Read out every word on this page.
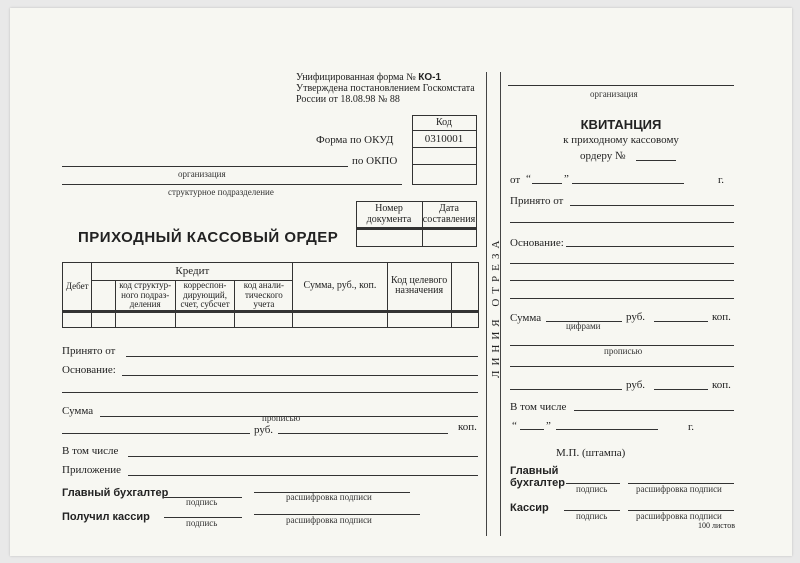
Унифицированная форма № КО-1
Утверждена постановлением Госкомстата
России от 18.08.98 № 88
Код
Форма по ОКУД	0310001
по ОКПО
организация
структурное подразделение
Номер документа
Дата составления
ПРИХОДНЫЙ КАССОВЫЙ ОРДЕР
Дебет	Кредит				Сумма, руб., коп.	Код целевого назначения	
		код структур-ного подраз-деления	корреспон-дирующий, счет, субсчет	код анали-тического учета			

Принято от
Основание:
Сумма
прописью
руб.	коп.
В том числе
Приложение
Главный бухгалтер
подпись	расшифровка подписи
Получил кассир	подпись	расшифровка подписи
ЛИНИЯ ОТРЕЗА
организация
КВИТАНЦИЯ
к приходному кассовому
ордеру №
от “	”	г.
Принято от
Основание:
Сумма
цифрами
руб.	коп.
прописью
руб.	коп.
В том числе
“	”	г.
М.П. (штампа)
Главный
бухгалтер подпись	расшифровка подписи
Кассир
подпись	расшифровка подписи
100 листов
